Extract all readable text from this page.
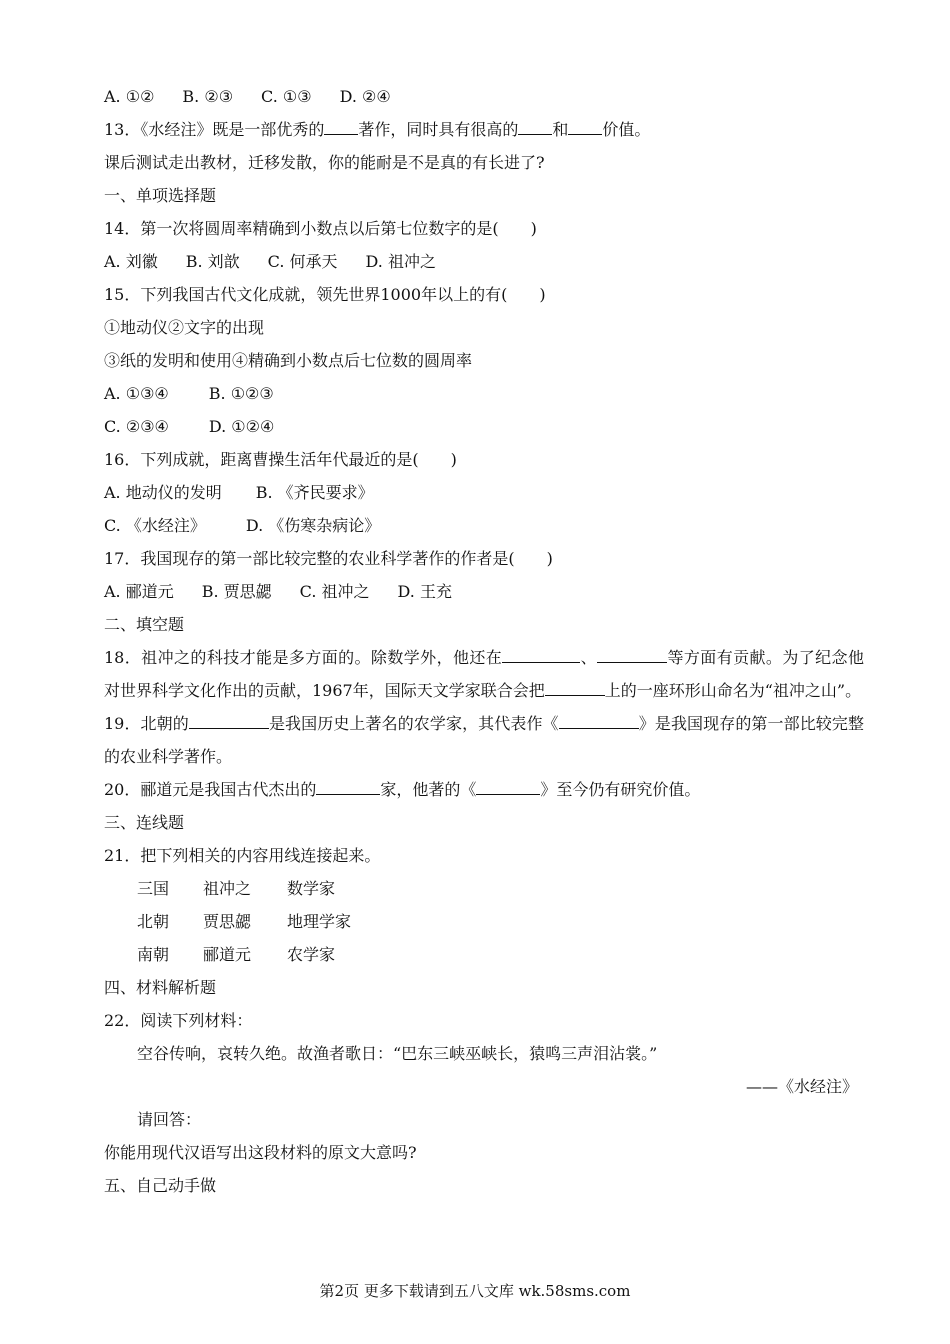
A. ①② B. ②③ C. ①③ D. ②④
13．《水经注》既是一部优秀的 著作，同时具有很高的 和 价值。
课后测试走出教材，迁移发散，你的能耐是不是真的有长进了?
一、单项选择题
14．第一次将圆周率精确到小数点以后第七位数字的是(　　)
A. 刘徽 B. 刘歆 C. 何承天 D. 祖冲之
15．下列我国古代文化成就，领先世界1000年以上的有(　　)
①地动仪②文字的出现
③纸的发明和使用④精确到小数点后七位数的圆周率
A. ①③④	B. ①②③
C. ②③④	D. ①②④
16．下列成就，距离曹操生活年代最近的是(　　)
A. 地动仪的发明 B. 《齐民要求》
C. 《水经注》	D. 《伤寒杂病论》
17．我国现存的第一部比较完整的农业科学著作的作者是(　　)
A. 郦道元 B. 贾思勰 C. 祖冲之 D. 王充
二、填空题
18．祖冲之的科技才能是多方面的。除数学外，他还在	、	等方面有贡献。为了纪念他对世界科学文化作出的贡献，1967年，国际天文学家联合会把	上的一座环形山命名为“祖冲之山”。
19．北朝的	是我国历史上著名的农学家，其代表作《	》是我国现存的第一部比较完整的农业科学著作。
20．郦道元是我国古代杰出的	家，他著的《	》至今仍有研究价值。
三、连线题
21．把下列相关的内容用线连接起来。
三国 祖冲之 数学家
北朝 贾思勰 地理学家
南朝 郦道元 农学家
四、材料解析题
22．阅读下列材料：
空谷传响，哀转久绝。故渔者歌日：“巴东三峡巫峡长，猿鸣三声泪沾裳。”
——《水经注》
请回答：
你能用现代汉语写出这段材料的原文大意吗?
五、自己动手做
第2页 更多下载请到五八文库 wk.58sms.com
